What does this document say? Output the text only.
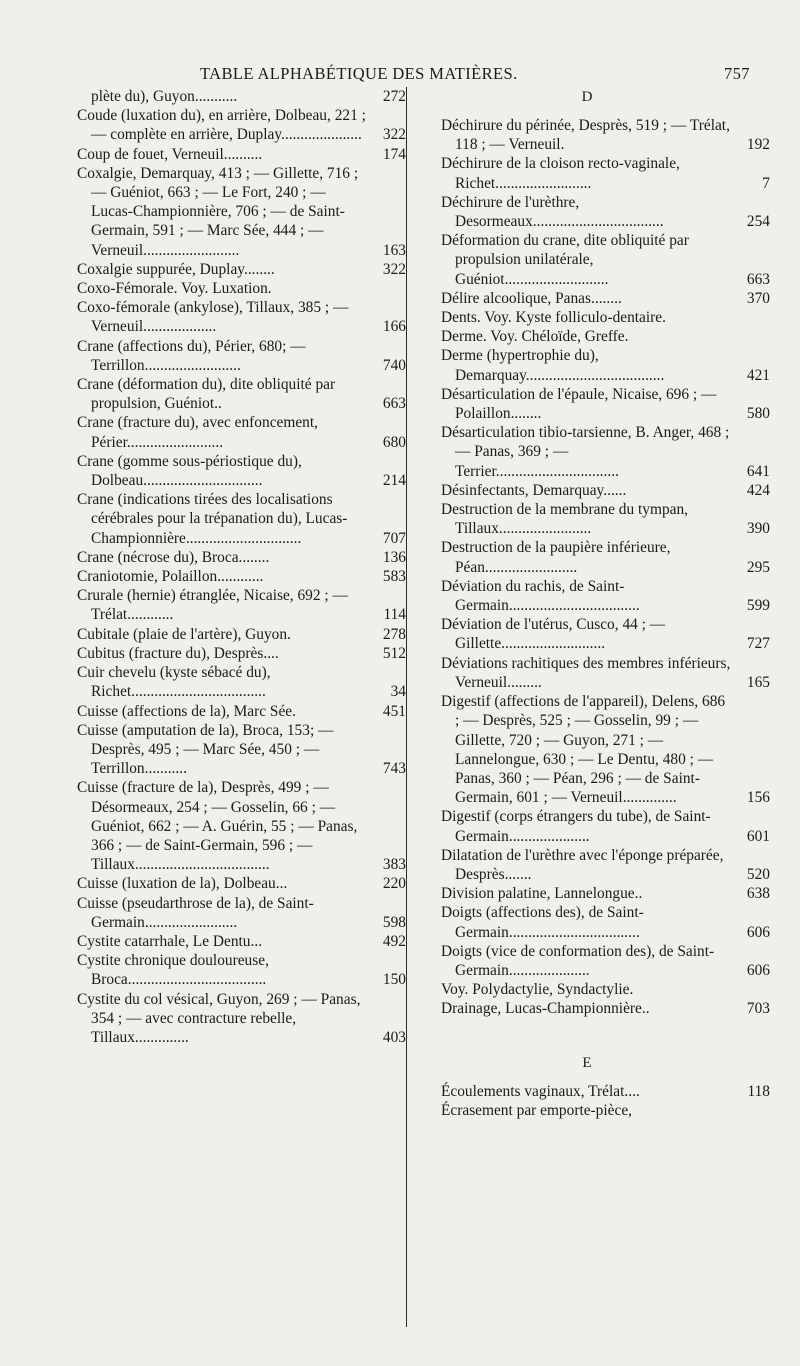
TABLE ALPHABÉTIQUE DES MATIÈRES.	757

plète du), Guyon...........	272

Coude (luxation du), en arrière, Dolbeau, 221 ; — complète en arrière, Duplay.....................	322

Coup de fouet, Verneuil..........	174

Coxalgie, Demarquay, 413 ; — Gillette, 716 ; — Guéniot, 663 ; — Le Fort, 240 ; — Lucas-Championnière, 706 ; — de Saint-Germain, 591 ; — Marc Sée, 444 ; — Verneuil.........................	163

Coxalgie suppurée, Duplay........	322

Coxo-Fémorale. Voy. Luxation.

Coxo-fémorale (ankylose), Tillaux, 385 ; — Verneuil...................	166

Crane (affections du), Périer, 680; — Terrillon.........................	740

Crane (déformation du), dite obliquité par propulsion, Guéniot..	663

Crane (fracture du), avec enfoncement, Périer.........................	680

Crane (gomme sous-périostique du), Dolbeau...............................	214

Crane (indications tirées des localisations cérébrales pour la trépanation du), Lucas-Championnière..............................	707

Crane (nécrose du), Broca........	136

Craniotomie, Polaillon............	583

Crurale (hernie) étranglée, Nicaise, 692 ; — Trélat............	114

Cubitale (plaie de l'artère), Guyon.	278

Cubitus (fracture du), Desprès....	512

Cuir chevelu (kyste sébacé du), Richet...................................	34

Cuisse (affections de la), Marc Sée.	451

Cuisse (amputation de la), Broca, 153; — Desprès, 495 ; — Marc Sée, 450 ; — Terrillon...........	743

Cuisse (fracture de la), Desprès, 499 ; — Désormeaux, 254 ; — Gosselin, 66 ; — Guéniot, 662 ; — A. Guérin, 55 ; — Panas, 366 ; — de Saint-Germain, 596 ; — Tillaux...................................	383

Cuisse (luxation de la), Dolbeau...	220

Cuisse (pseudarthrose de la), de Saint-Germain........................	598

Cystite catarrhale, Le Dentu...	492

Cystite chronique douloureuse, Broca....................................	150

Cystite du col vésical, Guyon, 269 ; — Panas, 354 ; — avec contracture rebelle, Tillaux..............	403

D

Déchirure du périnée, Desprès, 519 ; — Trélat, 118 ; — Verneuil.	192

Déchirure de la cloison recto-vaginale, Richet.........................	7

Déchirure de l'urèthre, Desormeaux..................................	254

Déformation du crane, dite obliquité par propulsion unilatérale, Guéniot...........................	663

Délire alcoolique, Panas........	370

Dents. Voy. Kyste folliculo-dentaire.

Derme. Voy. Chéloïde, Greffe.

Derme (hypertrophie du), Demarquay....................................	421

Désarticulation de l'épaule, Nicaise, 696 ; — Polaillon........	580

Désarticulation tibio-tarsienne, B. Anger, 468 ; — Panas, 369 ; — Terrier................................	641

Désinfectants, Demarquay......	424

Destruction de la membrane du tympan, Tillaux........................	390

Destruction de la paupière inférieure, Péan........................	295

Déviation du rachis, de Saint-Germain..................................	599

Déviation de l'utérus, Cusco, 44 ; — Gillette...........................	727

Déviations rachitiques des membres inférieurs, Verneuil.........	165

Digestif (affections de l'appareil), Delens, 686 ; — Desprès, 525 ; — Gosselin, 99 ; — Gillette, 720 ; — Guyon, 271 ; — Lannelongue, 630 ; — Le Dentu, 480 ; — Panas, 360 ; — Péan, 296 ; — de Saint-Germain, 601 ; — Verneuil..............	156

Digestif (corps étrangers du tube), de Saint-Germain.....................	601

Dilatation de l'urèthre avec l'éponge préparée, Desprès.......	520

Division palatine, Lannelongue..	638

Doigts (affections des), de Saint-Germain..................................	606

Doigts (vice de conformation des), de Saint-Germain.....................	606

Voy. Polydactylie, Syndactylie.

Drainage, Lucas-Championnière..	703

E

Écoulements vaginaux, Trélat....	118

Écrasement par emporte-pièce,
